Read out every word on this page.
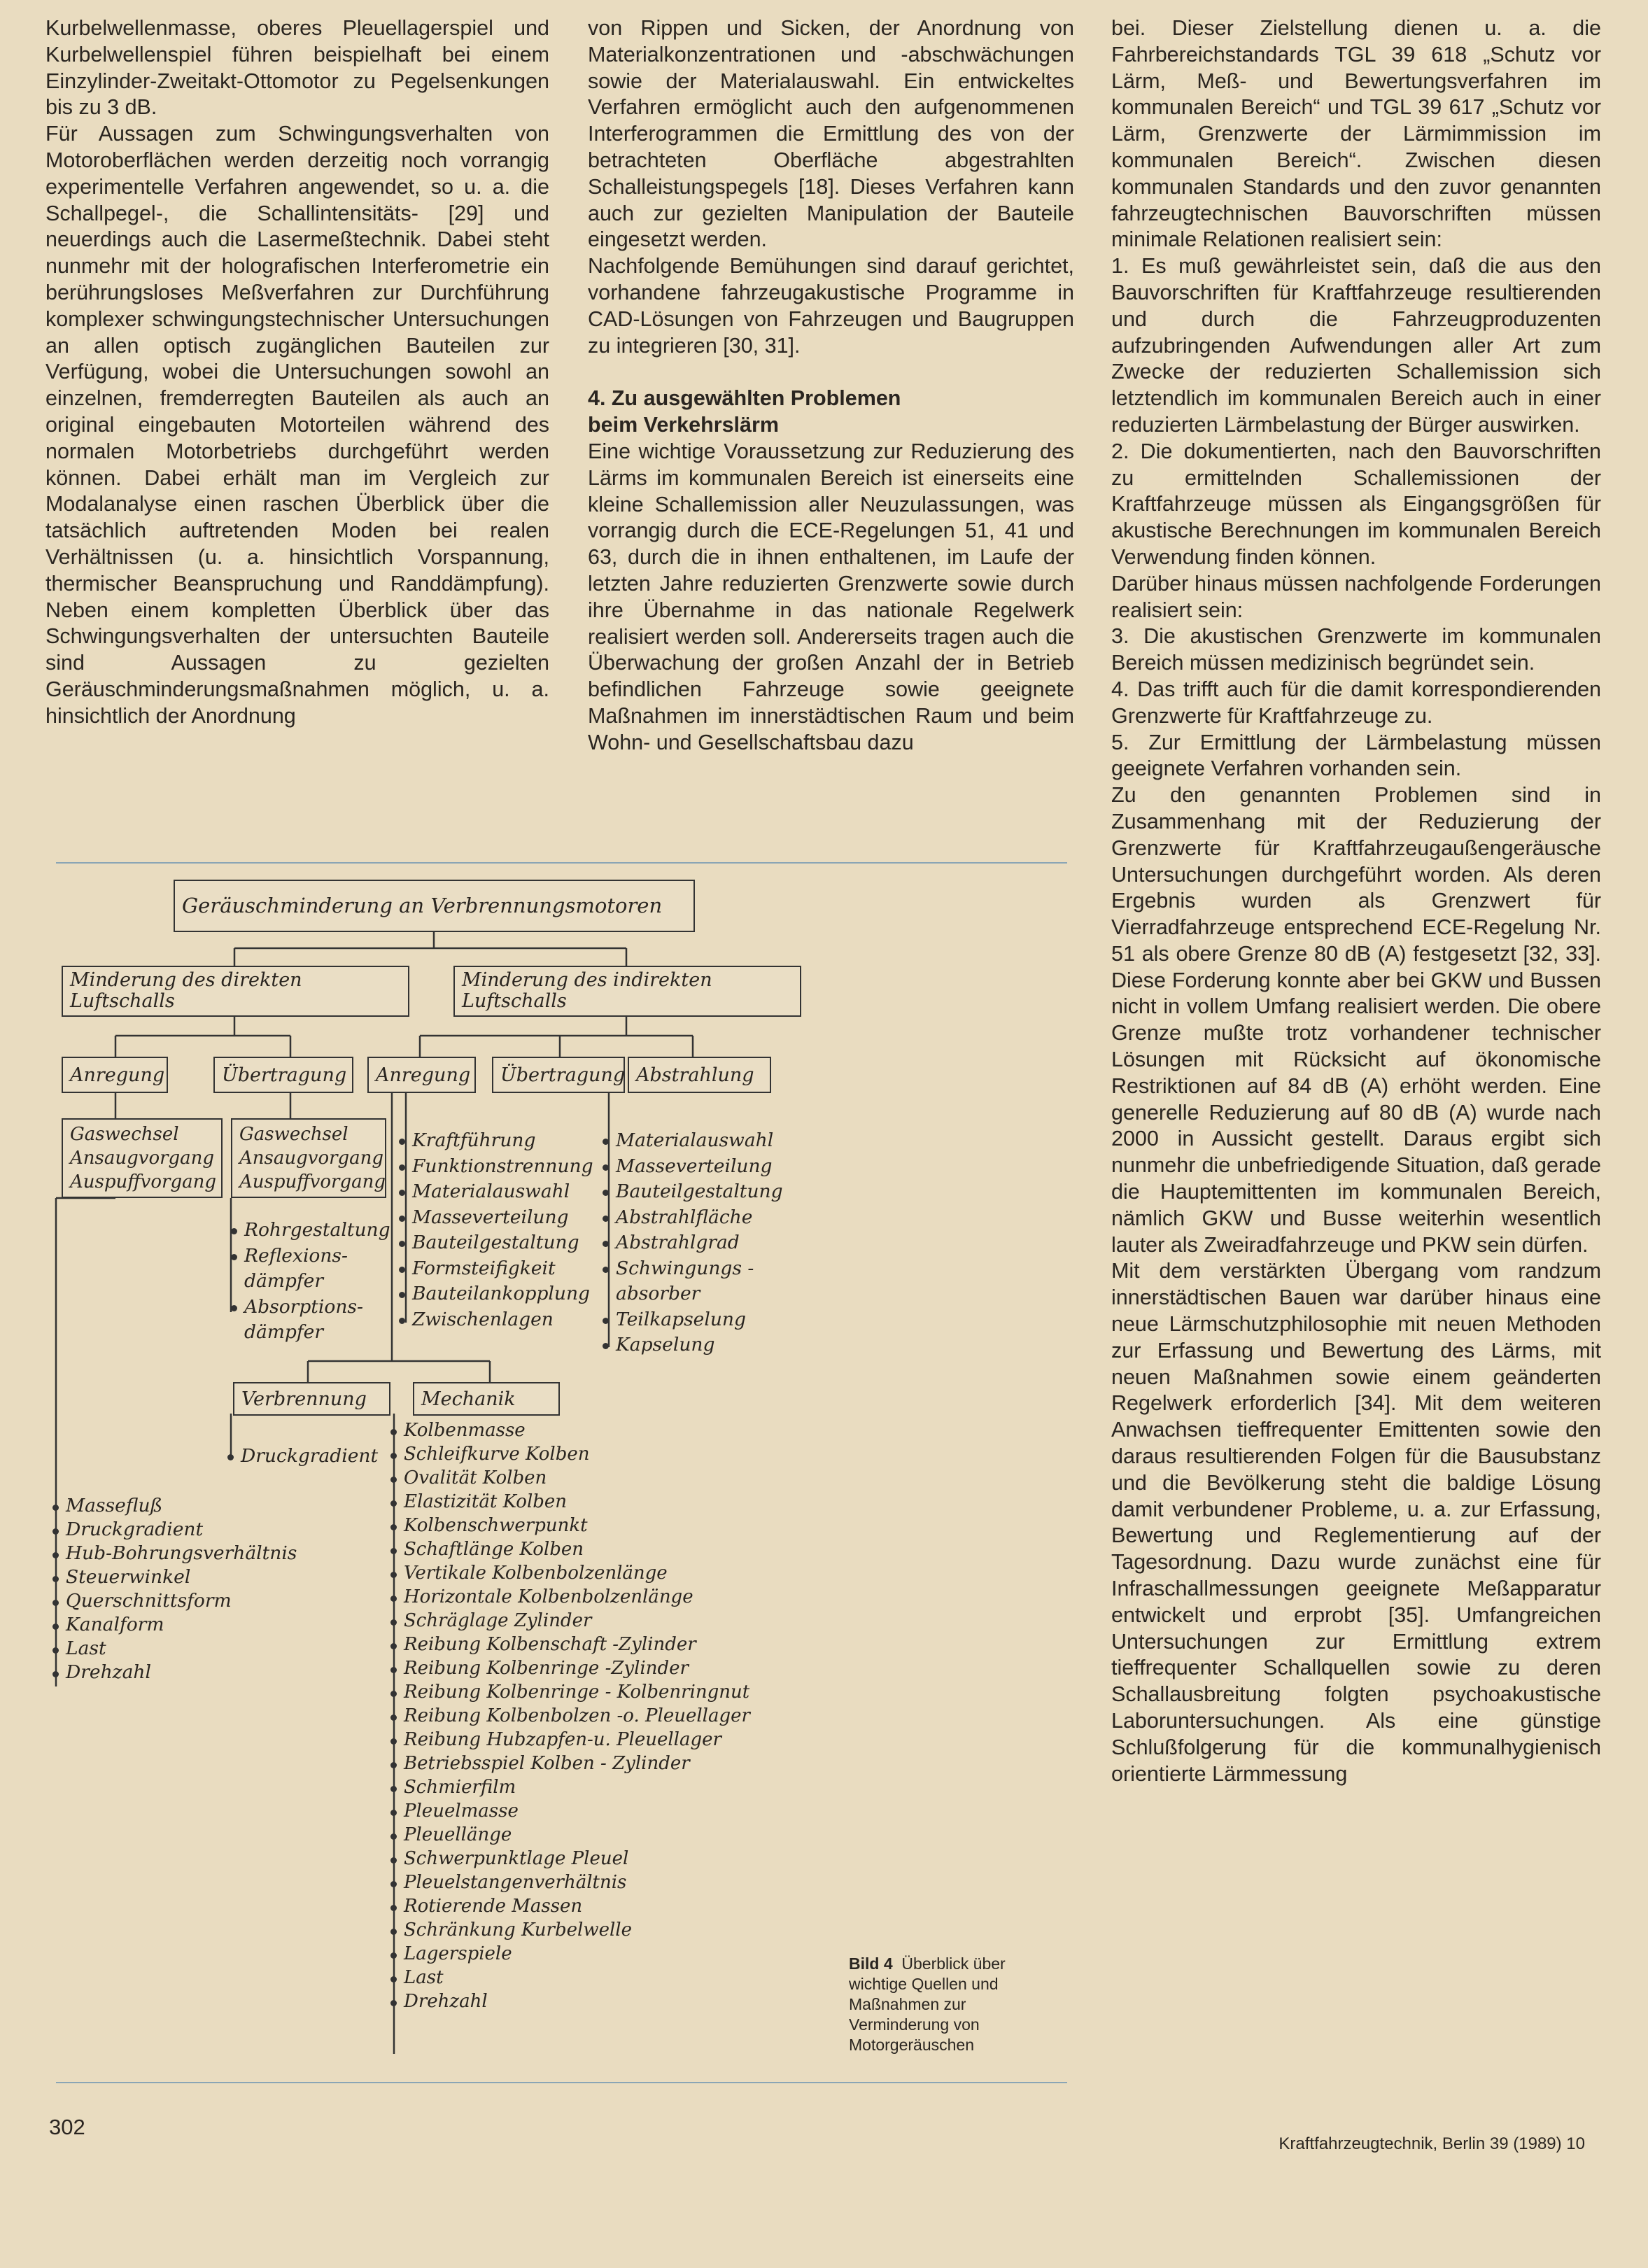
Kurbelwellenmasse, oberes Pleuellagerspiel und Kurbelwellenspiel führen beispielhaft bei einem Einzylinder-Zweitakt-Ottomotor zu Pegelsenkungen bis zu 3 dB.

Für Aussagen zum Schwingungsverhalten von Motoroberflächen werden derzeitig noch vorrangig experimentelle Verfahren angewendet, so u. a. die Schallpegel-, die Schallintensitäts- [29] und neuerdings auch die Lasermeßtechnik. Dabei steht nunmehr mit der holografischen Interferometrie ein berührungsloses Meßverfahren zur Durchführung komplexer schwingungstechnischer Untersuchungen an allen optisch zugänglichen Bauteilen zur Verfügung, wobei die Untersuchungen sowohl an einzelnen, fremderregten Bauteilen als auch an original eingebauten Motorteilen während des normalen Motorbetriebs durchgeführt werden können. Dabei erhält man im Vergleich zur Modalanalyse einen raschen Überblick über die tatsächlich auftretenden Moden bei realen Verhältnissen (u. a. hinsichtlich Vorspannung, thermischer Beanspruchung und Randdämpfung). Neben einem kompletten Überblick über das Schwingungsverhalten der untersuchten Bauteile sind Aussagen zu gezielten Geräuschminderungsmaßnahmen möglich, u. a. hinsichtlich der Anordnung

von Rippen und Sicken, der Anordnung von Materialkonzentrationen und -abschwächungen sowie der Materialauswahl. Ein entwickeltes Verfahren ermöglicht auch den aufgenommenen Interferogrammen die Ermittlung des von der betrachteten Oberfläche abgestrahlten Schalleistungspegels [18]. Dieses Verfahren kann auch zur gezielten Manipulation der Bauteile eingesetzt werden.

Nachfolgende Bemühungen sind darauf gerichtet, vorhandene fahrzeugakustische Programme in CAD-Lösungen von Fahrzeugen und Baugruppen zu integrieren [30, 31].

4. Zu ausgewählten Problemen
beim Verkehrslärm

Eine wichtige Voraussetzung zur Reduzierung des Lärms im kommunalen Bereich ist einerseits eine kleine Schallemission aller Neuzulassungen, was vorrangig durch die ECE-Regelungen 51, 41 und 63, durch die in ihnen enthaltenen, im Laufe der letzten Jahre reduzierten Grenzwerte sowie durch ihre Übernahme in das nationale Regelwerk realisiert werden soll. Andererseits tragen auch die Überwachung der großen Anzahl der in Betrieb befindlichen Fahrzeuge sowie geeignete Maßnahmen im innerstädtischen Raum und beim Wohn- und Gesellschaftsbau dazu

bei. Dieser Zielstellung dienen u. a. die Fahrbereichstandards TGL 39 618 „Schutz vor Lärm, Meß- und Bewertungsverfahren im kommunalen Bereich“ und TGL 39 617 „Schutz vor Lärm, Grenzwerte der Lärmimmission im kommunalen Bereich“. Zwischen diesen kommunalen Standards und den zuvor genannten fahrzeugtechnischen Bauvorschriften müssen minimale Relationen realisiert sein:

1. Es muß gewährleistet sein, daß die aus den Bauvorschriften für Kraftfahrzeuge resultierenden und durch die Fahrzeugproduzenten aufzubringenden Aufwendungen aller Art zum Zwecke der reduzierten Schallemission sich letztendlich im kommunalen Bereich auch in einer reduzierten Lärmbelastung der Bürger auswirken.

2. Die dokumentierten, nach den Bauvorschriften zu ermittelnden Schallemissionen der Kraftfahrzeuge müssen als Eingangsgrößen für akustische Berechnungen im kommunalen Bereich Verwendung finden können.

Darüber hinaus müssen nachfolgende Forderungen realisiert sein:

3. Die akustischen Grenzwerte im kommunalen Bereich müssen medizinisch begründet sein.

4. Das trifft auch für die damit korrespondierenden Grenzwerte für Kraftfahrzeuge zu.

5. Zur Ermittlung der Lärmbelastung müssen geeignete Verfahren vorhanden sein.

Zu den genannten Problemen sind in Zusammenhang mit der Reduzierung der Grenzwerte für Kraftfahrzeugaußengeräusche Untersuchungen durchgeführt worden. Als deren Ergebnis wurden als Grenzwert für Vierradfahrzeuge entsprechend ECE-Regelung Nr. 51 als obere Grenze 80 dB (A) festgesetzt [32, 33]. Diese Forderung konnte aber bei GKW und Bussen nicht in vollem Umfang realisiert werden. Die obere Grenze mußte trotz vorhandener technischer Lösungen mit Rücksicht auf ökonomische Restriktionen auf 84 dB (A) erhöht werden. Eine generelle Reduzierung auf 80 dB (A) wurde nach 2000 in Aussicht gestellt. Daraus ergibt sich nunmehr die unbefriedigende Situation, daß gerade die Hauptemittenten im kommunalen Bereich, nämlich GKW und Busse weiterhin wesentlich lauter als Zweiradfahrzeuge und PKW sein dürfen.

Mit dem verstärkten Übergang vom randzum innerstädtischen Bauen war darüber hinaus eine neue Lärmschutzphilosophie mit neuen Methoden zur Erfassung und Bewertung des Lärms, mit neuen Maßnahmen sowie einem geänderten Regelwerk erforderlich [34]. Mit dem weiteren Anwachsen tieffrequenter Emittenten sowie den daraus resultierenden Folgen für die Bausubstanz und die Bevölkerung steht die baldige Lösung damit verbundener Probleme, u. a. zur Erfassung, Bewertung und Reglementierung auf der Tagesordnung. Dazu wurde zunächst eine für Infraschallmessungen geeignete Meßapparatur entwickelt und erprobt [35]. Umfangreichen Untersuchungen zur Ermittlung extrem tieffrequenter Schallquellen sowie zu deren Schallausbreitung folgten psychoakustische Laboruntersuchungen. Als eine günstige Schlußfolgerung für die kommunalhygienisch orientierte Lärmmessung

Geräuschminderung an Verbrennungsmotoren
Minderung des direkten
Luftschalls
Minderung des indirekten
Luftschalls
Anregung	Übertragung	Anregung	Übertragung Abstrahlung
Gaswechsel
Ansaugvorgang
Auspuffvorgang
Gaswechsel
Ansaugvorgang
Auspuffvorgang
Rohrgestaltung
Reflexions-
dämpfer
Absorptions-
dämpfer
Kraftführung
Funktionstrennung
Materialauswahl
Masseverteilung
Bauteilgestaltung
Formsteifigkeit
Bauteilankopplung
Zwischenlagen
Materialauswahl
Masseverteilung
Bauteilgestaltung
Abstrahlfläche
Abstrahlgrad
Schwingungs -
absorber
Teilkapselung
Kapselung
Verbrennung	Mechanik
Druckgradient
Massefluß
Druckgradient
Hub-Bohrungsverhältnis
Steuerwinkel
Querschnittsform
Kanalform
Last
Drehzahl
Kolbenmasse
Schleifkurve Kolben
Ovalität Kolben
Elastizität Kolben
Kolbenschwerpunkt
Schaftlänge Kolben
Vertikale Kolbenbolzenlänge
Horizontale Kolbenbolzenlänge
Schräglage Zylinder
Reibung Kolbenschaft -Zylinder
Reibung Kolbenringe -Zylinder
Reibung Kolbenringe - Kolbenringnut
Reibung Kolbenbolzen -o. Pleuellager
Reibung Hubzapfen-u. Pleuellager
Betriebsspiel Kolben - Zylinder
Schmierfilm
Pleuelmasse
Pleuellänge
Schwerpunktlage Pleuel
Pleuelstangenverhältnis
Rotierende Massen
Schränkung Kurbelwelle
Lagerspiele
Last
Drehzahl
Bild 4 Überblick über wichtige Quellen und Maßnahmen zur Verminderung von Motorgeräuschen
302
Kraftfahrzeugtechnik, Berlin 39 (1989) 10
